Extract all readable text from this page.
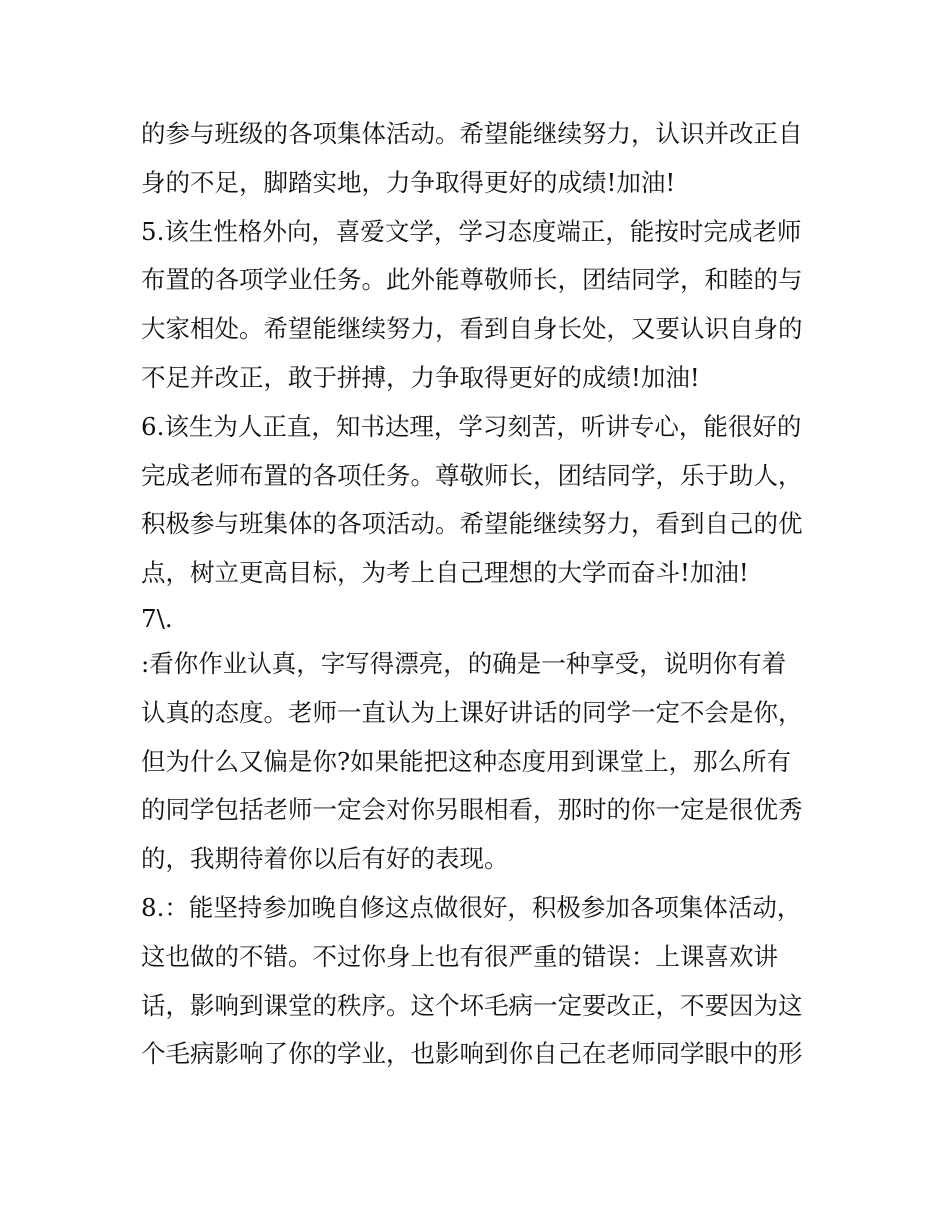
的参与班级的各项集体活动。希望能继续努力，认识并改正自
身的不足，脚踏实地，力争取得更好的成绩!加油!
5.该生性格外向，喜爱文学，学习态度端正，能按时完成老师
布置的各项学业任务。此外能尊敬师长，团结同学，和睦的与
大家相处。希望能继续努力，看到自身长处，又要认识自身的
不足并改正，敢于拼搏，力争取得更好的成绩!加油!
6.该生为人正直，知书达理，学习刻苦，听讲专心，能很好的
完成老师布置的各项任务。尊敬师长，团结同学，乐于助人，
积极参与班集体的各项活动。希望能继续努力，看到自己的优
点，树立更高目标，为考上自己理想的大学而奋斗!加油!
7\.
:看你作业认真，字写得漂亮，的确是一种享受，说明你有着
认真的态度。老师一直认为上课好讲话的同学一定不会是你，
但为什么又偏是你?如果能把这种态度用到课堂上，那么所有
的同学包括老师一定会对你另眼相看，那时的你一定是很优秀
的，我期待着你以后有好的表现。
8.：能坚持参加晚自修这点做很好，积极参加各项集体活动，
这也做的不错。不过你身上也有很严重的错误：上课喜欢讲
话，影响到课堂的秩序。这个坏毛病一定要改正，不要因为这
个毛病影响了你的学业，也影响到你自己在老师同学眼中的形
